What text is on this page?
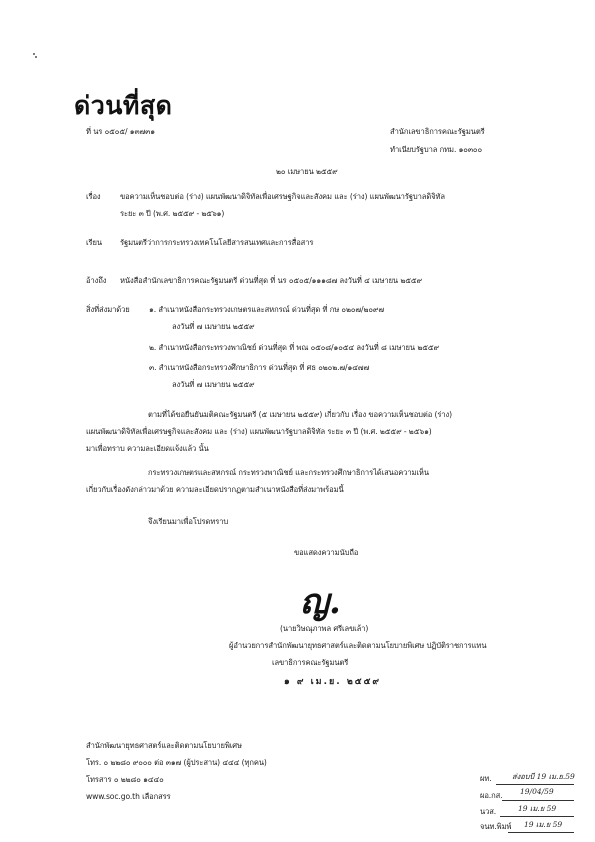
ด่วนที่สุด
ที่ นร ๐๕๐๕/ ๑๓๗๓๑	สำนักเลขาธิการคณะรัฐมนตรี
ทำเนียบรัฐบาล กทม. ๑๐๓๐๐
๒๐ เมษายน ๒๕๕๙
เรื่อง	ขอความเห็นชอบต่อ (ร่าง) แผนพัฒนาดิจิทัลเพื่อเศรษฐกิจและสังคม และ (ร่าง) แผนพัฒนารัฐบาลดิจิทัล
ระยะ ๓ ปี (พ.ศ. ๒๕๕๙ - ๒๕๖๑)
เรียน รัฐมนตรีว่าการกระทรวงเทคโนโลยีสารสนเทศและการสื่อสาร
อ้างถึง หนังสือสำนักเลขาธิการคณะรัฐมนตรี ด่วนที่สุด ที่ นร ๐๕๐๕/๑๑๑๘๗ ลงวันที่ ๔ เมษายน ๒๕๕๙
สิ่งที่ส่งมาด้วย	๑. สำเนาหนังสือกระทรวงเกษตรและสหกรณ์ ด่วนที่สุด ที่ กษ ๐๒๐๗/๒๐๙๗
ลงวันที่ ๗ เมษายน ๒๕๕๙
๒. สำเนาหนังสือกระทรวงพาณิชย์ ด่วนที่สุด ที่ พณ ๐๕๐๘/๑๐๕๔ ลงวันที่ ๘ เมษายน ๒๕๕๙
๓. สำเนาหนังสือกระทรวงศึกษาธิการ ด่วนที่สุด ที่ ศธ ๐๒๐๒.๗/๑๔๗๗
ลงวันที่ ๗ เมษายน ๒๕๕๙
ตามที่ได้ขอยืนยันมติคณะรัฐมนตรี (๕ เมษายน ๒๕๕๙) เกี่ยวกับ เรื่อง ขอความเห็นชอบต่อ (ร่าง)
แผนพัฒนาดิจิทัลเพื่อเศรษฐกิจและสังคม และ (ร่าง) แผนพัฒนารัฐบาลดิจิทัล ระยะ ๓ ปี (พ.ศ. ๒๕๕๙ - ๒๕๖๑)
มาเพื่อทราบ ความละเอียดแจ้งแล้ว นั้น
กระทรวงเกษตรและสหกรณ์ กระทรวงพาณิชย์ และกระทรวงศึกษาธิการได้เสนอความเห็น
เกี่ยวกับเรื่องดังกล่าวมาด้วย ความละเอียดปรากฏตามสำเนาหนังสือที่ส่งมาพร้อมนี้
จึงเรียนมาเพื่อโปรดทราบ
ขอแสดงความนับถือ
ญ.
(นายวิษณุภาพล ศรีเลขเล้า)
ผู้อำนวยการสำนักพัฒนายุทธศาสตร์และติดตามนโยบายพิเศษ ปฏิบัติราชการแทน
เลขาธิการคณะรัฐมนตรี
๑ ๙ เม.ย. ๒๕๕๙
สำนักพัฒนายุทธศาสตร์และติดตามนโยบายพิเศษ
โทร. ๐ ๒๒๘๐ ๙๐๐๐ ต่อ ๓๑๗ (ผู้ประสาน) ๔๔๔ (ทุกคน)
โทรสาร ๐ ๒๒๘๐ ๑๔๔๐
www.soc.go.th เลือกสรร
ผท.	ส่งอบบี 19 เม.ย.59
ผอ.กส. 19/04/59
นวส.	19 เม.ย 59
จนท.พิมพ์ 19 เม.ย 59
